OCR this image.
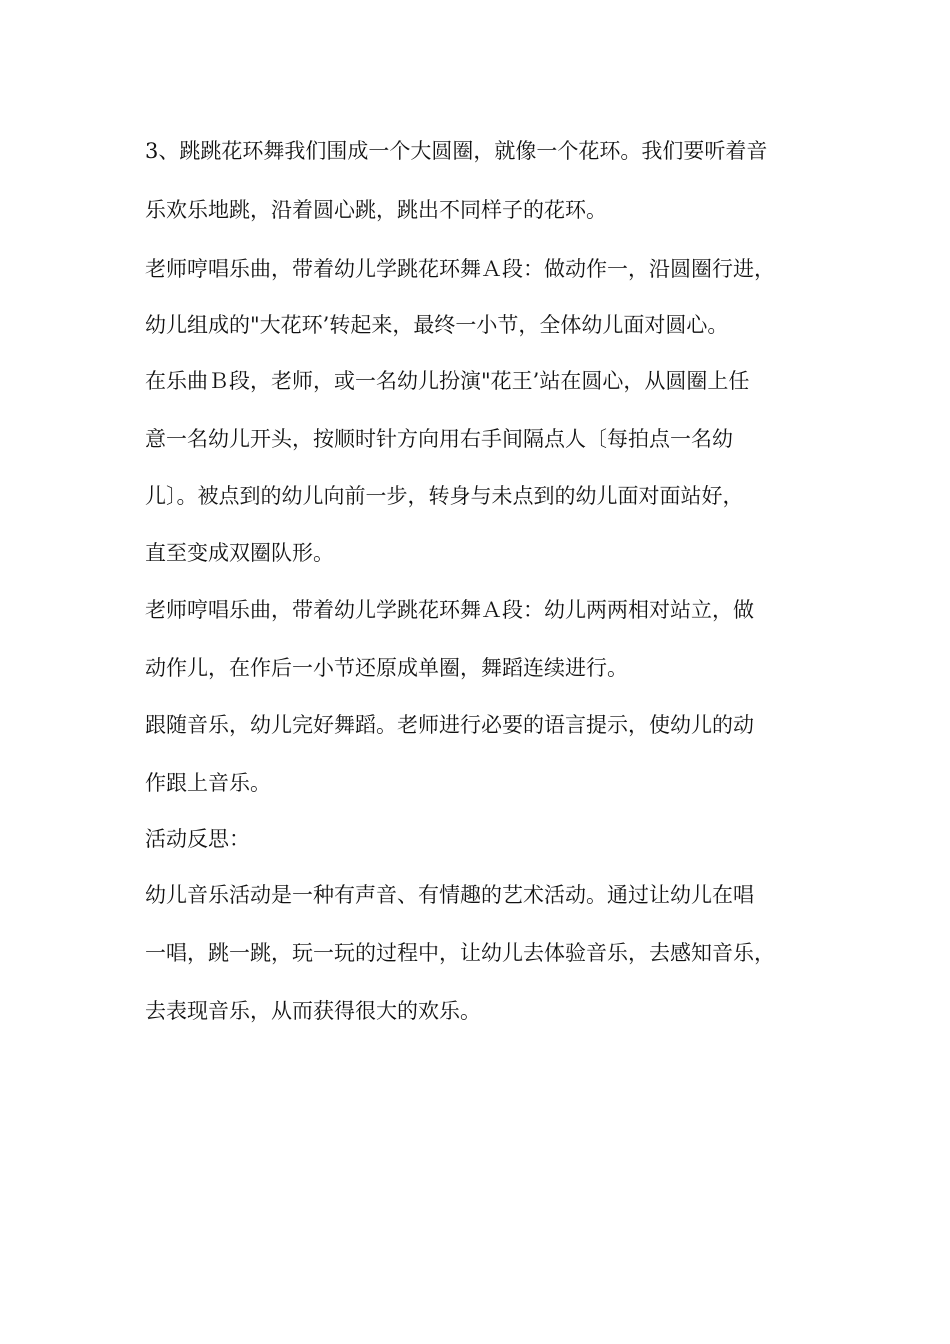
3、跳跳花环舞我们围成一个大圆圈，就像一个花环。我们要听着音
乐欢乐地跳，沿着圆心跳，跳出不同样子的花环。
老师哼唱乐曲，带着幼儿学跳花环舞Ａ段：做动作一，沿圆圈行进，
幼儿组成的"大花环’转起来，最终一小节，全体幼儿面对圆心。
在乐曲Ｂ段，老师，或一名幼儿扮演"花王’站在圆心，从圆圈上任
意一名幼儿开头，按顺时针方向用右手间隔点人〔每拍点一名幼
儿〕。被点到的幼儿向前一步，转身与未点到的幼儿面对面站好，
直至变成双圈队形。
老师哼唱乐曲，带着幼儿学跳花环舞Ａ段：幼儿两两相对站立，做
动作儿，在作后一小节还原成单圈，舞蹈连续进行。
跟随音乐，幼儿完好舞蹈。老师进行必要的语言提示，使幼儿的动
作跟上音乐。
活动反思：
幼儿音乐活动是一种有声音、有情趣的艺术活动。通过让幼儿在唱
一唱，跳一跳，玩一玩的过程中，让幼儿去体验音乐，去感知音乐，
去表现音乐，从而获得很大的欢乐。
